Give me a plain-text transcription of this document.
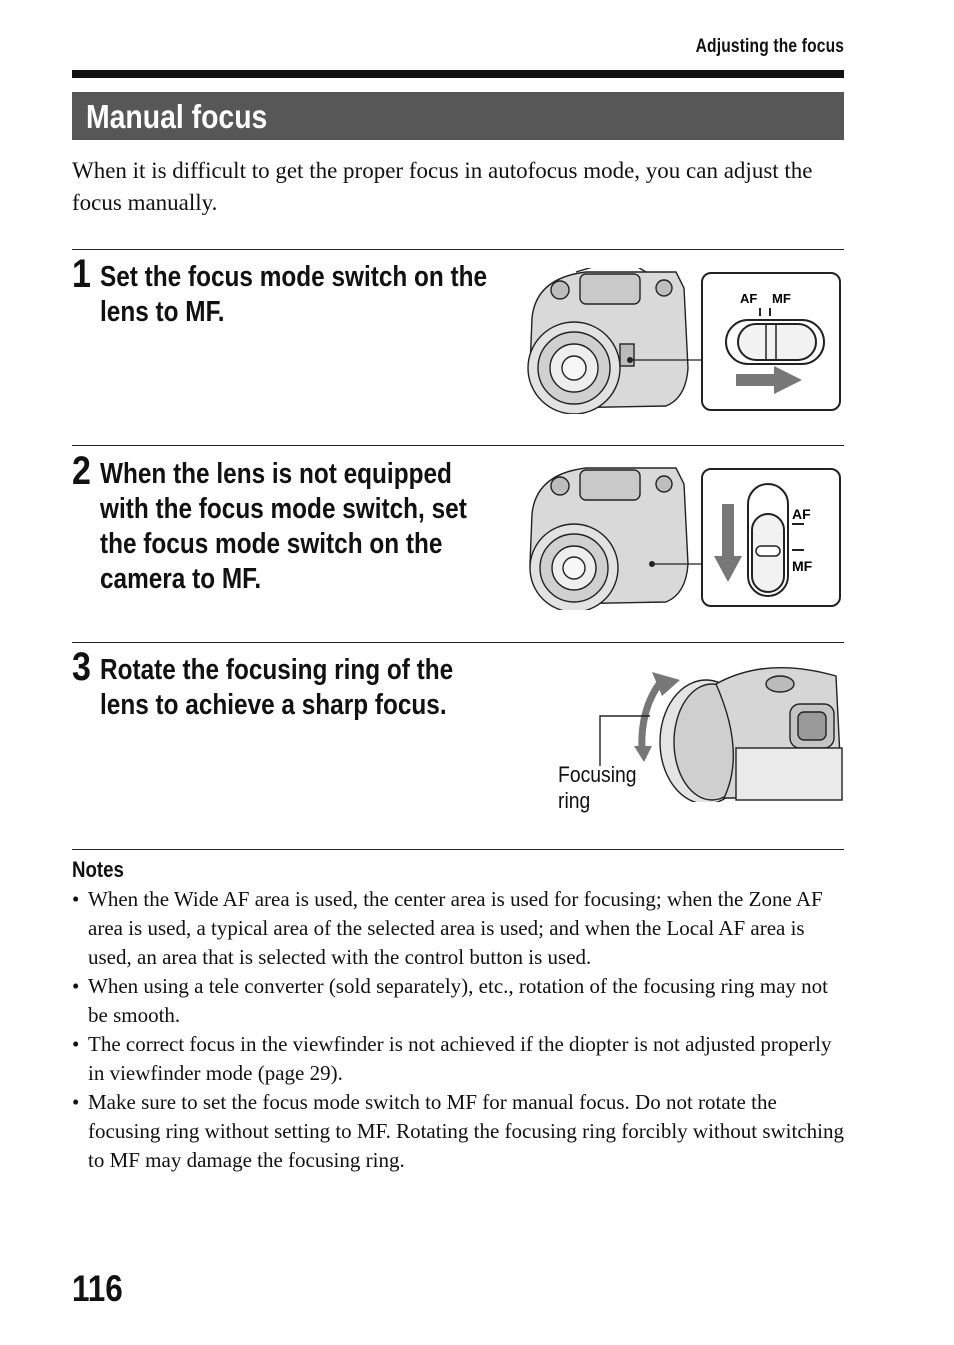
Adjusting the focus
Manual focus
When it is difficult to get the proper focus in autofocus mode, you can adjust the focus manually.
1 Set the focus mode switch on the lens to MF.	AF MF
2 When the lens is not equipped with the focus mode switch, set the focus mode switch on the camera to MF.
AF
MF
3 Rotate the focusing ring of the lens to achieve a sharp focus.
Focusing
ring
Notes
• When the Wide AF area is used, the center area is used for focusing; when the Zone AF area is used, a typical area of the selected area is used; and when the Local AF area is used, an area that is selected with the control button is used.
• When using a tele converter (sold separately), etc., rotation of the focusing ring may not be smooth.
• The correct focus in the viewfinder is not achieved if the diopter is not adjusted properly in viewfinder mode (page 29).
• Make sure to set the focus mode switch to MF for manual focus. Do not rotate the focusing ring without setting to MF. Rotating the focusing ring forcibly without switching to MF may damage the focusing ring.
116
